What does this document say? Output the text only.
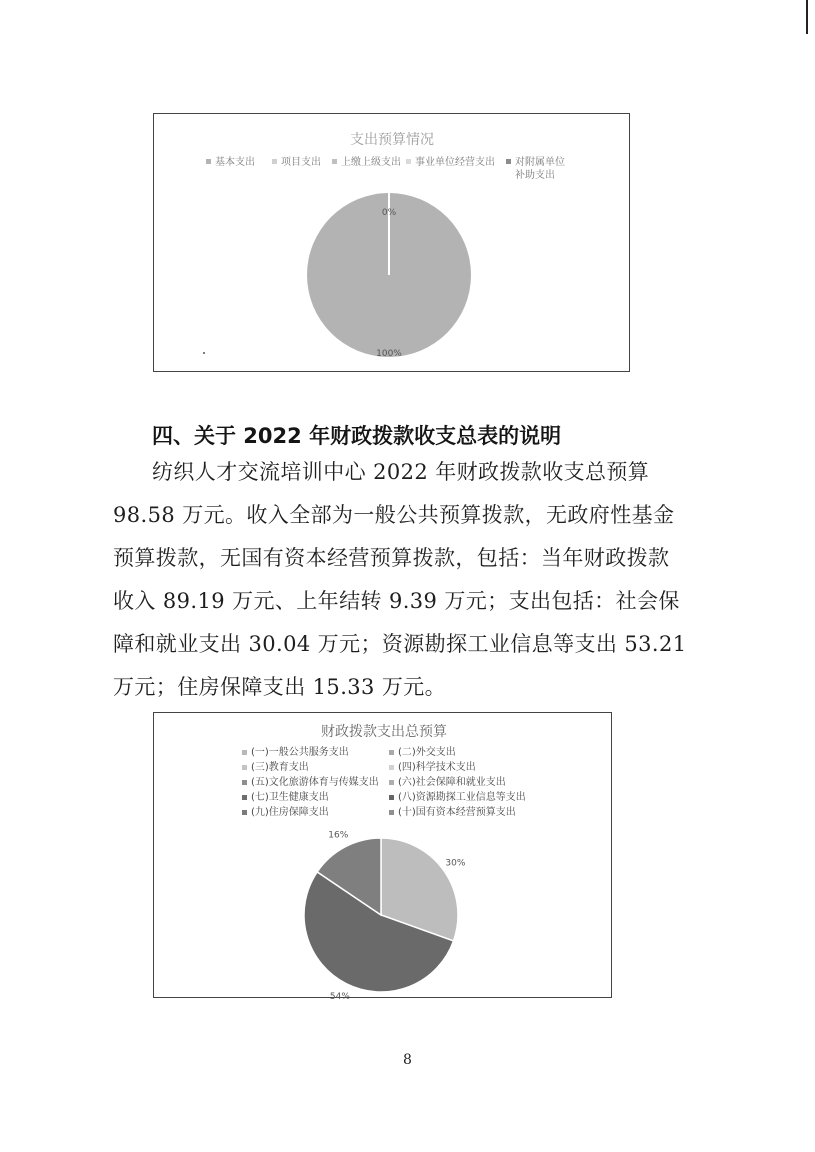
支出预算情况
基本支出	项目支出 上缴上级支出 事业单位经营支出 对附属单位
补助支出
0%
100%
四、关于 2022 年财政拨款收支总表的说明
纺织人才交流培训中心 2022 年财政拨款收支总预算
98.58 万元。收入全部为一般公共预算拨款，无政府性基金
预算拨款，无国有资本经营预算拨款，包括：当年财政拨款
收入 89.19 万元、上年结转 9.39 万元；支出包括：社会保
障和就业支出 30.04 万元；资源勘探工业信息等支出 53.21
万元；住房保障支出 15.33 万元。
财政拨款支出总预算
(一)一般公共服务支出	(二)外交支出
(三)教育支出	(四)科学技术支出
(五)文化旅游体育与传媒支出 (六)社会保障和就业支出
(七)卫生健康支出	(八)资源勘探工业信息等支出
(九)住房保障支出	(十)国有资本经营预算支出
30%
54%
16%
8
